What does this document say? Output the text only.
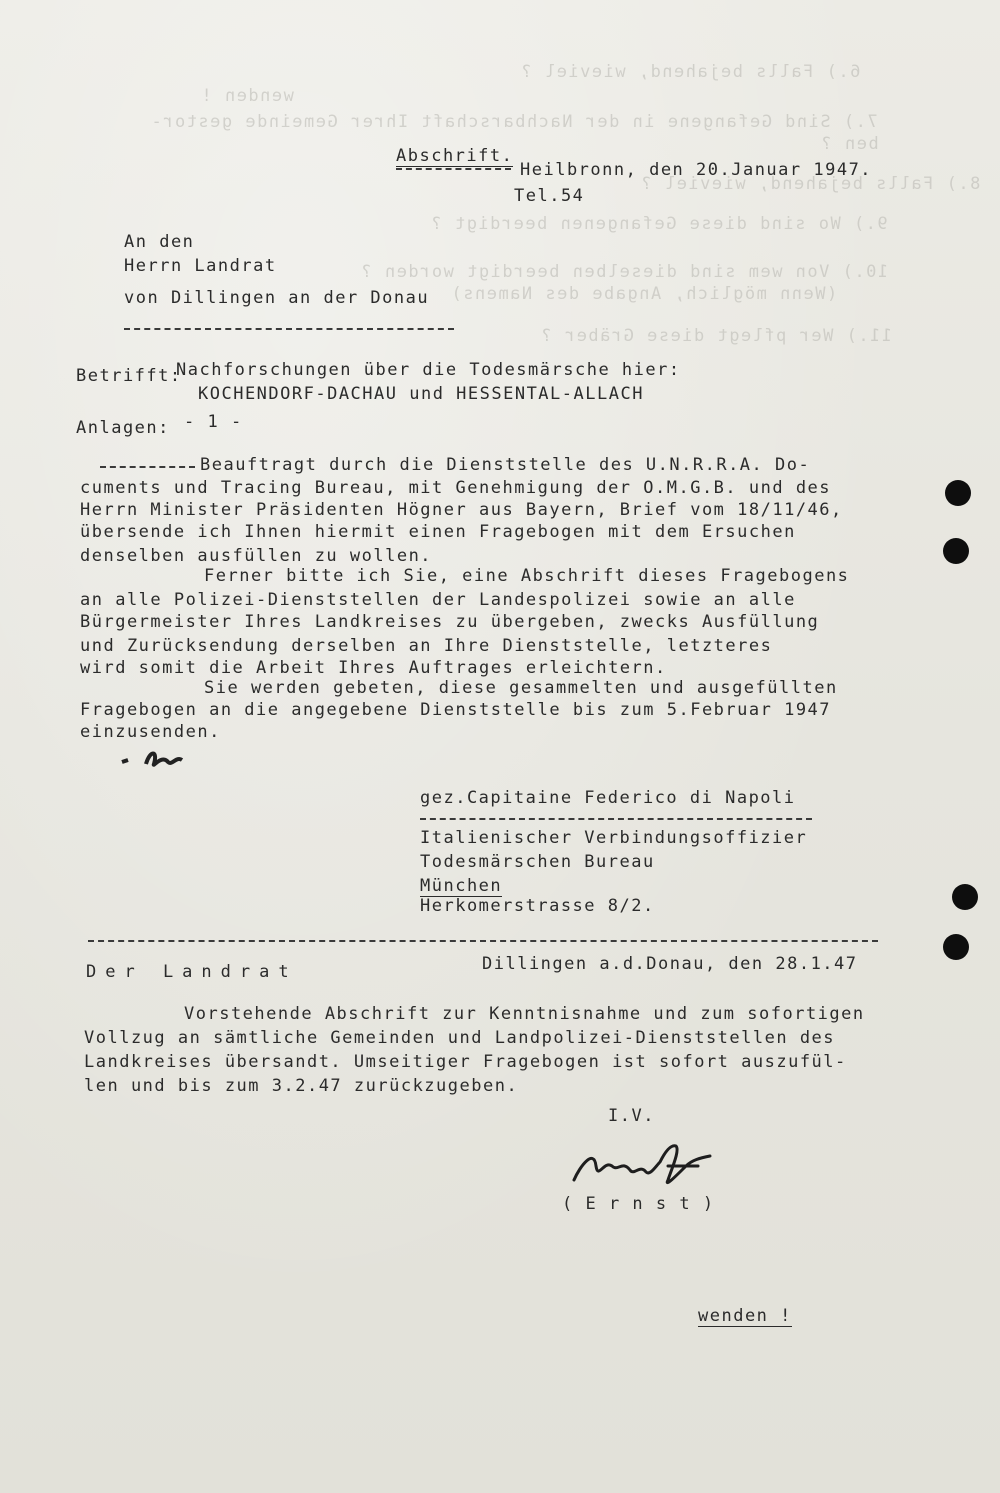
6.) Falls bejahend, wieviel ?
7.) Sind Gefangene in der Nachbarschaft Ihrer Gemeinde gestor-
ben ?
wenden !
8.) Falls bejahend, wieviel ?
9.) Wo sind diese Gefangenen beerdigt ?
10.) Von wem sind dieselben beerdigt worden ?
(Wenn möglich, Angabe des Namens)
11.) Wer pflegt diese Gräber ?
Abschrift.
Heilbronn, den 20.Januar 1947.
Tel.54
An den
Herrn Landrat
von Dillingen an der Donau
Betrifft:
Nachforschungen über die Todesmärsche hier:
KOCHENDORF-DACHAU und HESSENTAL-ALLACH
Anlagen: - 1 -
Beauftragt durch die Dienststelle des U.N.R.R.A. Do-
cuments und Tracing Bureau, mit Genehmigung der O.M.G.B. und des
Herrn Minister Präsidenten Högner aus Bayern, Brief vom 18/11/46,
übersende ich Ihnen hiermit einen Fragebogen mit dem Ersuchen
denselben ausfüllen zu wollen.
Ferner bitte ich Sie, eine Abschrift dieses Fragebogens
an alle Polizei-Dienststellen der Landespolizei sowie an alle
Bürgermeister Ihres Landkreises zu übergeben, zwecks Ausfüllung
und Zurücksendung derselben an Ihre Dienststelle, letzteres
wird somit die Arbeit Ihres Auftrages erleichtern.
Sie werden gebeten, diese gesammelten und ausgefüllten
Fragebogen an die angegebene Dienststelle bis zum 5.Februar 1947
einzusenden.
gez.Capitaine Federico di Napoli
Italienischer Verbindungsoffizier
Todesmärschen Bureau
München
Herkomerstrasse 8/2.
Der Landrat	Dillingen a.d.Donau, den 28.1.47
Vorstehende Abschrift zur Kenntnisnahme und zum sofortigen
Vollzug an sämtliche Gemeinden und Landpolizei-Dienststellen des
Landkreises übersandt. Umseitiger Fragebogen ist sofort auszufül-
len und bis zum 3.2.47 zurückzugeben.
I.V.
( E r n s t )
wenden !
